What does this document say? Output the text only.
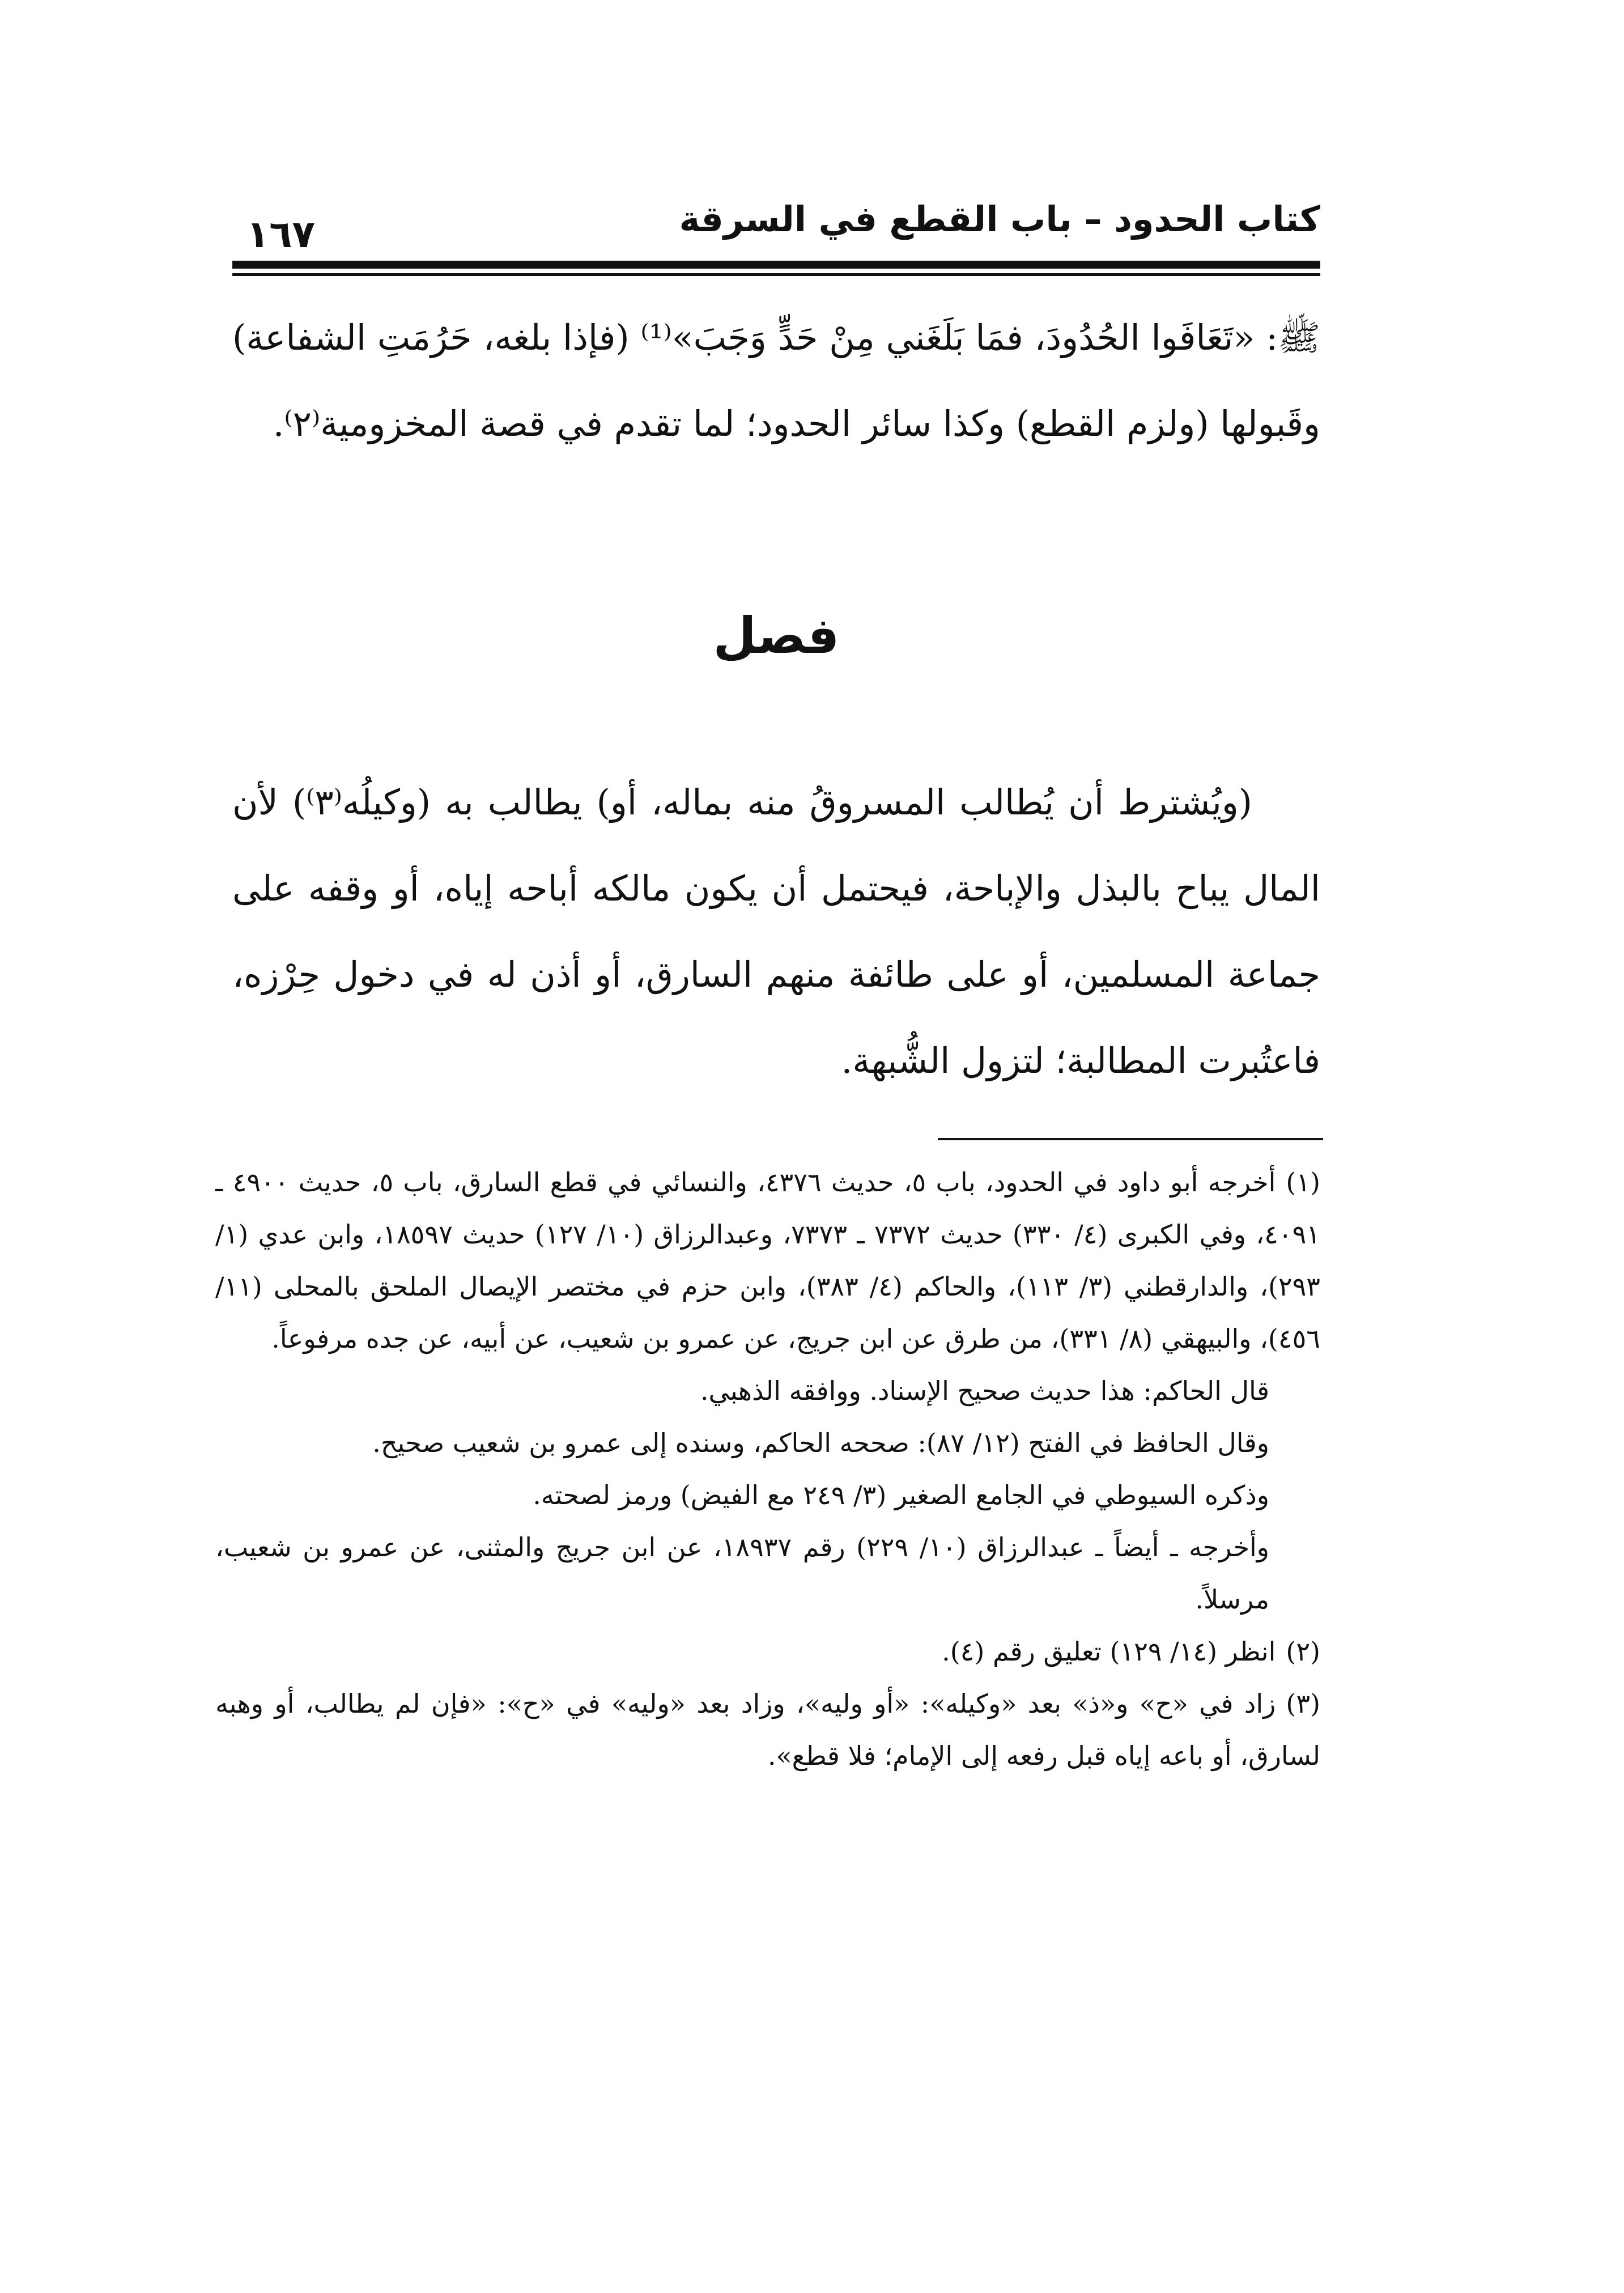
كتاب الحدود – باب القطع في السرقة
١٦٧
ﷺ: «تَعَافَوا الحُدُودَ، فمَا بَلَغَني مِنْ حَدٍّ وَجَبَ»⁽¹⁾ (فإذا بلغه، حَرُمَتِ الشفاعة) وقَبولها (ولزم القطع) وكذا سائر الحدود؛ لما تقدم في قصة المخزومية⁽٢⁾.
فصل
(ويُشترط أن يُطالب المسروقُ منه بماله، أو) يطالب به (وكيلُه⁽٣⁾) لأن المال يباح بالبذل والإباحة، فيحتمل أن يكون مالكه أباحه إياه، أو وقفه على جماعة المسلمين، أو على طائفة منهم السارق، أو أذن له في دخول حِرْزه، فاعتُبرت المطالبة؛ لتزول الشُّبهة.
(١)أخرجه أبو داود في الحدود، باب ٥، حديث ٤٣٧٦، والنسائي في قطع السارق، باب ٥، حديث ٤٩٠٠ ـ ٤٠٩١، وفي الكبرى (٤/ ٣٣٠) حديث ٧٣٧٢ ـ ٧٣٧٣، وعبدالرزاق (١٠/ ١٢٧) حديث ١٨٥٩٧، وابن عدي (١/ ٢٩٣)، والدارقطني (٣/ ١١٣)، والحاكم (٤/ ٣٨٣)، وابن حزم في مختصر الإيصال الملحق بالمحلى (١١/ ٤٥٦)، والبيهقي (٨/ ٣٣١)، من طرق عن ابن جريج، عن عمرو بن شعيب، عن أبيه، عن جده مرفوعاً.
قال الحاكم: هذا حديث صحيح الإسناد. ووافقه الذهبي.
وقال الحافظ في الفتح (١٢/ ٨٧): صححه الحاكم، وسنده إلى عمرو بن شعيب صحيح.
وذكره السيوطي في الجامع الصغير (٣/ ٢٤٩ مع الفيض) ورمز لصحته.
وأخرجه ـ أيضاً ـ عبدالرزاق (١٠/ ٢٢٩) رقم ١٨٩٣٧، عن ابن جريج والمثنى، عن عمرو بن شعيب، مرسلاً.
(٢)انظر (١٤/ ١٢٩) تعليق رقم (٤).
(٣)زاد في «ح» و«ذ» بعد «وكيله»: «أو وليه»، وزاد بعد «وليه» في «ح»: «فإن لم يطالب، أو وهبه لسارق، أو باعه إياه قبل رفعه إلى الإمام؛ فلا قطع».
